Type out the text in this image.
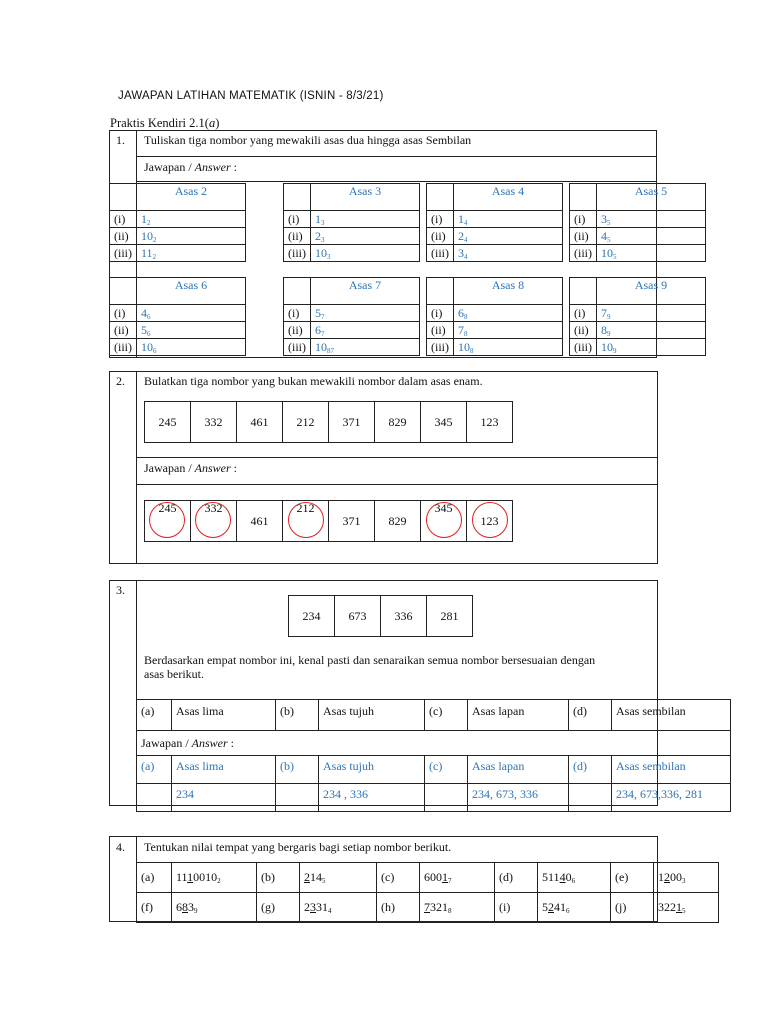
JAWAPAN LATIHAN MATEMATIK (ISNIN - 8/3/21)
Praktis Kendiri 2.1(a)
1. Tuliskan tiga nombor yang mewakili asas dua hingga asas Sembilan
Jawapan / Answer :
	Asas 2
(i)	$1_2$
(ii)	$10_2$
(iii)	$11_2$
	Asas 3
(i)	$1_3$
(ii)	$2_3$
(iii)	$10_3$
	Asas 4
(i)	$1_4$
(ii)	$2_4$
(iii)	$3_4$
	Asas 5
(i)	$3_5$
(ii)	$4_5$
(iii)	$10_5$
	Asas 6
(i)	$4_6$
(ii)	$5_6$
(iii)	$10_6$
	Asas 7
(i)	$5_7$
(ii)	$6_7$
(iii)	$10_{87}$
	Asas 8
(i)	$6_8$
(ii)	$7_8$
(iii)	$10_8$
	Asas 9
(i)	$7_9$
(ii)	$8_9$
(iii)	$10_9$
2. Bulatkan tiga nombor yang bukan mewakili nombor dalam asas enam.
Jawapan / Answer :
245	332	461	212	371	829	345	123
245	332	461	212	371	829	345	123
3.
234	673	336	281
Berdasarkan empat nombor ini, kenal pasti dan senaraikan semua nombor bersesuaian dengan
asas berikut.
(a)	Asas lima	(b)	Asas tujuh	(c)	Asas lapan	(d)	Asas sembilan
Jawapan / Answer :							
(a)	Asas lima	(b)	Asas tujuh	(c)	Asas lapan	(d)	Asas sembilan
	234		234 , 336		234, 673, 336		234, 673,336, 281
4. Tentukan nilai tempat yang bergaris bagi setiap nombor berikut.
(a)	$1110010_2$	(b)	$214_5$	(c)	$6001_7$	(d)	$51140_6$	(e)	$1200_3$
(f)	$683_9$	(g)	$2331_4$	(h)	$7321_8$	(i)	$5241_6$	(j)	$3221_5$
